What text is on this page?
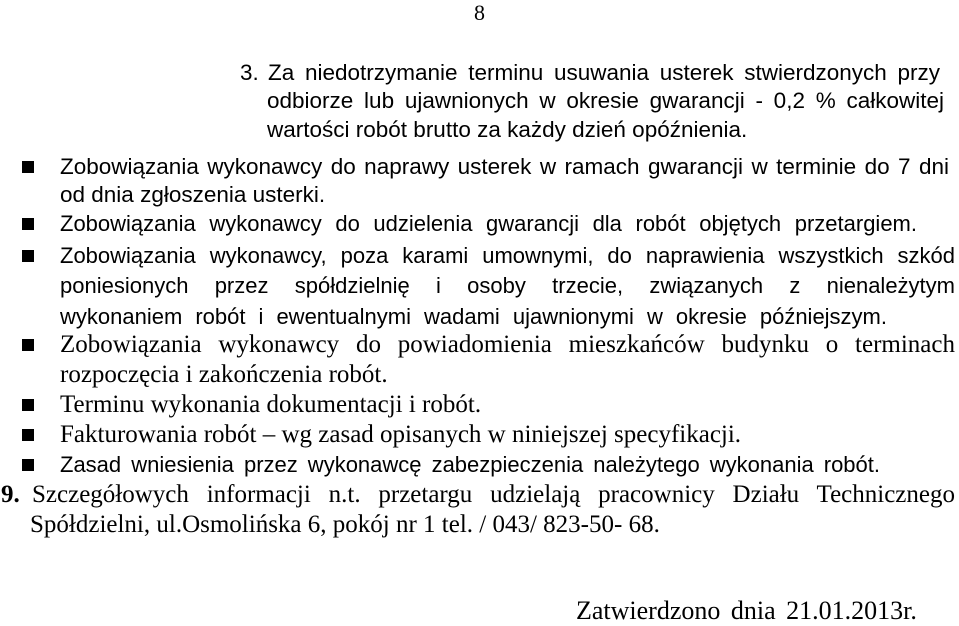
8
3. Za niedotrzymanie terminu usuwania usterek stwierdzonych przy
odbiorze lub ujawnionych w okresie gwarancji - 0,2 % całkowitej
wartości robót brutto za każdy dzień opóźnienia.
Zobowiązania wykonawcy do naprawy usterek w ramach gwarancji w terminie do 7 dni
od dnia zgłoszenia usterki.
Zobowiązania wykonawcy do udzielenia gwarancji dla robót objętych przetargiem.
Zobowiązania wykonawcy, poza karami umownymi, do naprawienia wszystkich szkód
poniesionych przez spółdzielnię i osoby trzecie, związanych z nienależytym
wykonaniem robót i ewentualnymi wadami ujawnionymi w okresie późniejszym.
Zobowiązania wykonawcy do powiadomienia mieszkańców budynku o terminach
rozpoczęcia i zakończenia robót.
Terminu wykonania dokumentacji i robót.
Fakturowania robót – wg zasad opisanych w niniejszej specyfikacji.
Zasad wniesienia przez wykonawcę zabezpieczenia należytego wykonania robót.
9. Szczegółowych informacji n.t. przetargu udzielają pracownicy Działu Technicznego
Spółdzielni, ul.Osmolińska 6, pokój nr 1 tel. / 043/ 823-50- 68.
Zatwierdzono dnia 21.01.2013r.
